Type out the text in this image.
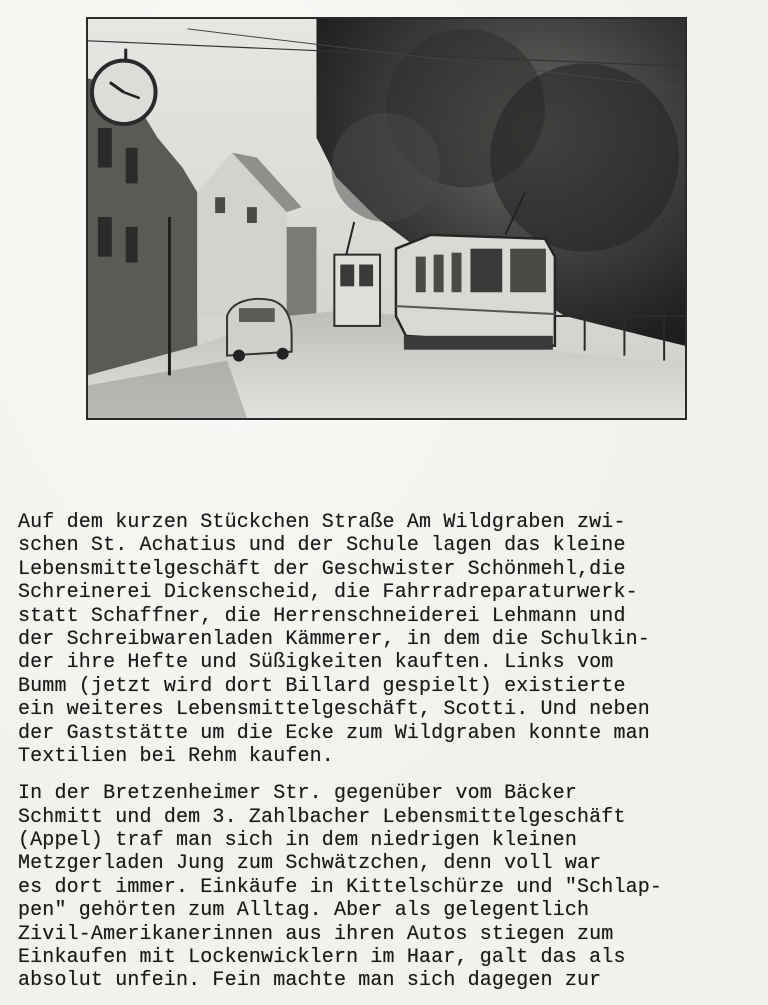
Auf dem kurzen Stückchen Straße Am Wildgraben zwi-
schen St. Achatius und der Schule lagen das kleine
Lebensmittelgeschäft der Geschwister Schönmehl,die
Schreinerei Dickenscheid, die Fahrradreparaturwerk-
statt Schaffner, die Herrenschneiderei Lehmann und
der Schreibwarenladen Kämmerer, in dem die Schulkin-
der ihre Hefte und Süßigkeiten kauften. Links vom
Bumm (jetzt wird dort Billard gespielt) existierte
ein weiteres Lebensmittelgeschäft, Scotti. Und neben
der Gaststätte um die Ecke zum Wildgraben konnte man
Textilien bei Rehm kaufen.
In der Bretzenheimer Str. gegenüber vom Bäcker
Schmitt und dem 3. Zahlbacher Lebensmittelgeschäft
(Appel) traf man sich in dem niedrigen kleinen
Metzgerladen Jung zum Schwätzchen, denn voll war
es dort immer. Einkäufe in Kittelschürze und "Schlap-
pen" gehörten zum Alltag. Aber als gelegentlich
Zivil-Amerikanerinnen aus ihren Autos stiegen zum
Einkaufen mit Lockenwicklern im Haar, galt das als
absolut unfein. Fein machte man sich dagegen zur
